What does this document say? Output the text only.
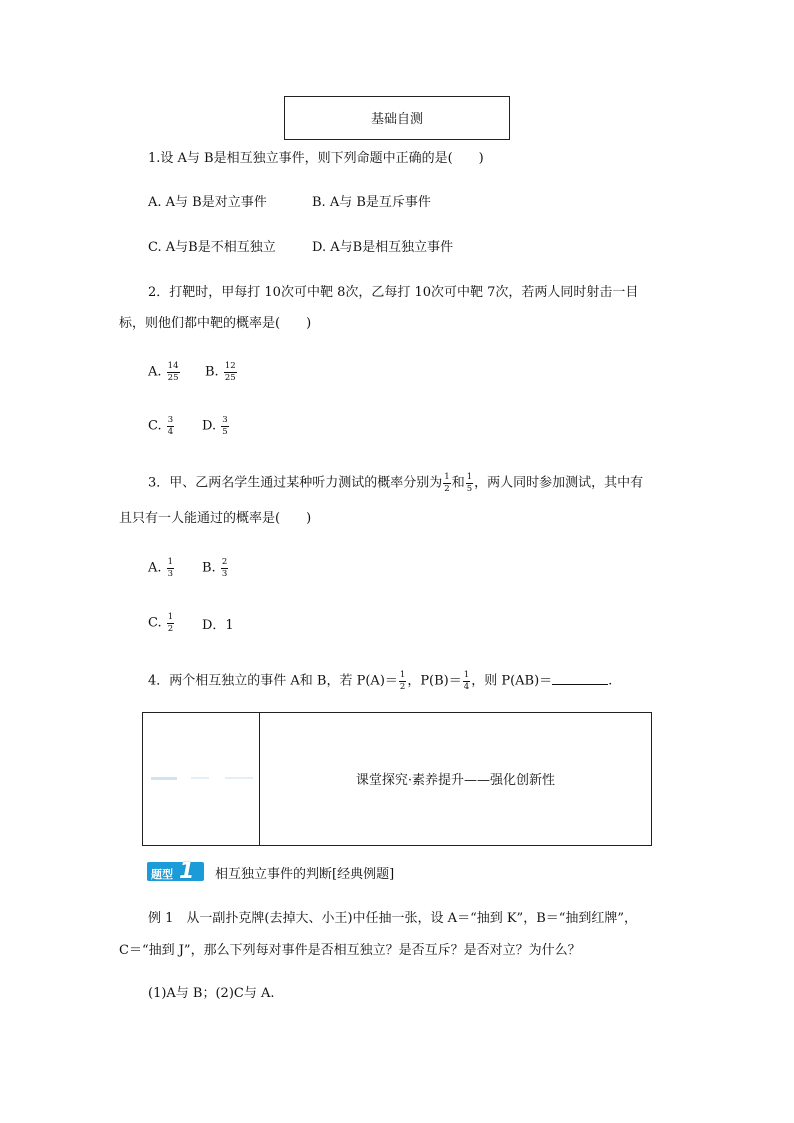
基础自测
1.设 A与 B是相互独立事件，则下列命题中正确的是(　　)
A. A与 B是对立事件	B. A与 B是互斥事件
C. A与B是不相互独立	D. A与B是相互独立事件
2．打靶时，甲每打 10次可中靶 8次，乙每打 10次可中靶 7次，若两人同时射击一目
标，则他们都中靶的概率是(　　)
A. $\frac{14}{25} B$. $\frac{12}{25}$
C. $\frac{3}{4} D$. $\frac{3}{5}$
3．甲、乙两名学生通过某种听力测试的概率分别为 $\frac{1}{2}$ 和 $\frac{1}{5}$ ，两人同时参加测试，其中有
且只有一人能通过的概率是(　　)
A. $\frac{1}{3} B$. $\frac{2}{3}$
C. $\frac{1}{2}$ D．1
4．两个相互独立的事件 A和 B，若 $P(A)= \frac{1}{2}$ ，$P(B)= \frac{1}{4}$ ，则 P(AB)＝	.
课堂探究·素养提升——强化创新性
题型 1 相互独立事件的判断[经典例题]
例 1　从一副扑克牌(去掉大、小王)中任抽一张，设 A＝“抽到 K”，B＝“抽到红牌”，
C＝“抽到 J”，那么下列每对事件是否相互独立？是否互斥？是否对立？为什么？
(1)A与 B；(2)C与 A.
